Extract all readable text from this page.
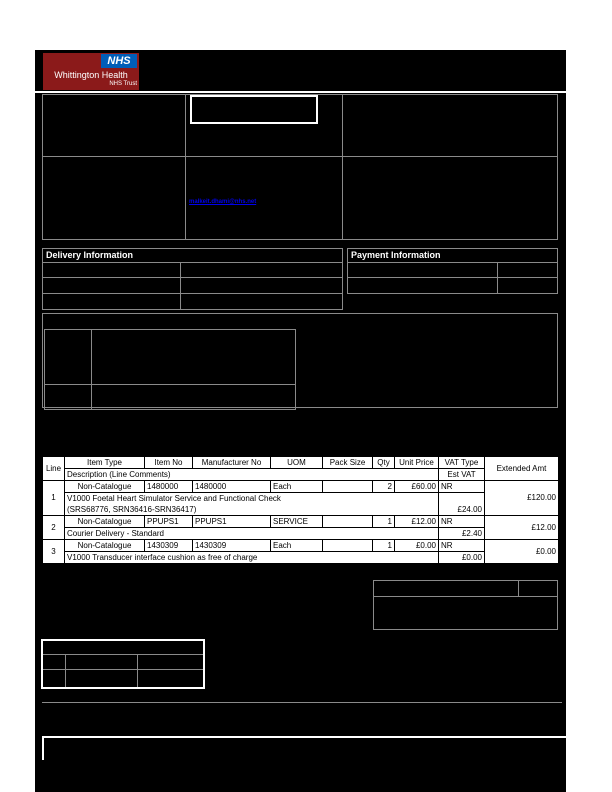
NHS
Whittington Health
NHS Trust
malkeit.dhami@nhs.net
Delivery Information	Payment Information
Line	Item Type	Item No	Manufacturer No	UOM	Pack Size	Qty	Unit Price	VAT Type	Extended Amt
	Description (Line Comments)							Est VAT	
1	Non-Catalogue	1480000	1480000	Each		2	£60.00	NR	£120.00
	V1000 Foetal Heart Simulator Service and Functional Check							£24.00	
	(SRS68776, SRN36416-SRN36417)								
2	Non-Catalogue	PPUPS1	PPUPS1	SERVICE		1	£12.00	NR	£12.00
	Courier Delivery - Standard							£2.40	
3	Non-Catalogue	1430309	1430309	Each		1	£0.00	NR	£0.00
	V1000 Transducer interface cushion as free of charge							£0.00	
